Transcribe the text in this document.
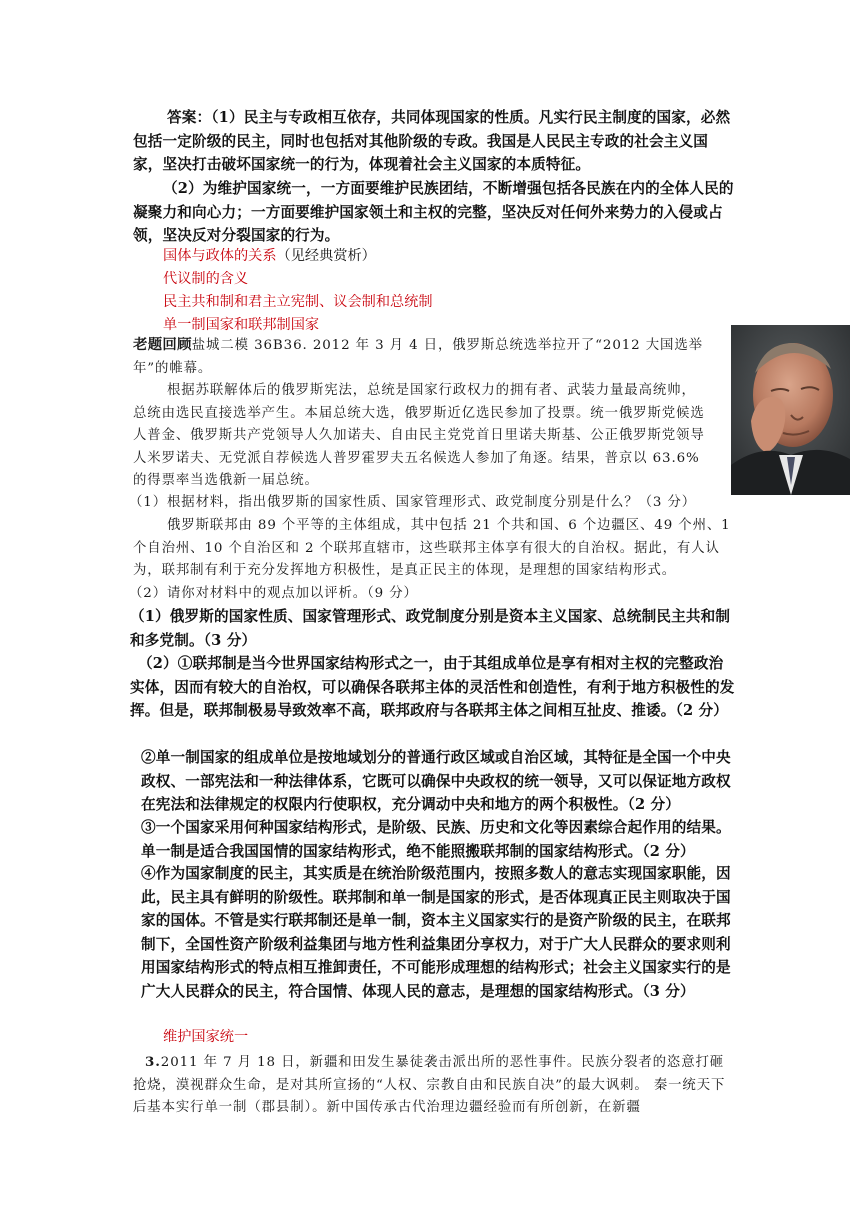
答案：（1）民主与专政相互依存，共同体现国家的性质。凡实行民主制度的国家，必然包括一定阶级的民主，同时也包括对其他阶级的专政。我国是人民民主专政的社会主义国家，坚决打击破坏国家统一的行为，体现着社会主义国家的本质特征。

（2）为维护国家统一，一方面要维护民族团结，不断增强包括各民族在内的全体人民的凝聚力和向心力；一方面要维护国家领土和主权的完整，坚决反对任何外来势力的入侵或占领，坚决反对分裂国家的行为。

国体与政体的关系（见经典赏析）

代议制的含义

民主共和制和君主立宪制、议会制和总统制

单一制国家和联邦制国家

老题回顾盐城二模 36B36. 2012 年 3 月 4 日，俄罗斯总统选举拉开了“2012 大国选举年”的帷幕。

根据苏联解体后的俄罗斯宪法，总统是国家行政权力的拥有者、武装力量最高统帅，总统由选民直接选举产生。本届总统大选，俄罗斯近亿选民参加了投票。统一俄罗斯党候选人普金、俄罗斯共产党领导人久加诺夫、自由民主党党首日里诺夫斯基、公正俄罗斯党领导人米罗诺夫、无党派自荐候选人普罗霍罗夫五名候选人参加了角逐。结果，普京以 63.6%的得票率当选俄新一届总统。

（1）根据材料，指出俄罗斯的国家性质、国家管理形式、政党制度分别是什么？（3 分）

俄罗斯联邦由 89 个平等的主体组成，其中包括 21 个共和国、6 个边疆区、49 个州、1 个自治州、10 个自治区和 2 个联邦直辖市，这些联邦主体享有很大的自治权。据此，有人认为，联邦制有利于充分发挥地方积极性，是真正民主的体现，是理想的国家结构形式。

（2）请你对材料中的观点加以评析。（9 分）

（1）俄罗斯的国家性质、国家管理形式、政党制度分别是资本主义国家、总统制民主共和制和多党制。（3 分）

（2）①联邦制是当今世界国家结构形式之一，由于其组成单位是享有相对主权的完整政治实体，因而有较大的自治权，可以确保各联邦主体的灵活性和创造性，有利于地方积极性的发挥。但是，联邦制极易导致效率不高，联邦政府与各联邦主体之间相互扯皮、推诿。（2 分）

②单一制国家的组成单位是按地域划分的普通行政区域或自治区域，其特征是全国一个中央政权、一部宪法和一种法律体系，它既可以确保中央政权的统一领导，又可以保证地方政权在宪法和法律规定的权限内行使职权，充分调动中央和地方的两个积极性。（2 分）

③一个国家采用何种国家结构形式，是阶级、民族、历史和文化等因素综合起作用的结果。单一制是适合我国国情的国家结构形式，绝不能照搬联邦制的国家结构形式。（2 分）

④作为国家制度的民主，其实质是在统治阶级范围内，按照多数人的意志实现国家职能，因此，民主具有鲜明的阶级性。联邦制和单一制是国家的形式，是否体现真正民主则取决于国家的国体。不管是实行联邦制还是单一制，资本主义国家实行的是资产阶级的民主，在联邦制下，全国性资产阶级利益集团与地方性利益集团分享权力，对于广大人民群众的要求则利用国家结构形式的特点相互推卸责任，不可能形成理想的结构形式；社会主义国家实行的是广大人民群众的民主，符合国情、体现人民的意志，是理想的国家结构形式。（3 分）

维护国家统一

3.2011 年 7 月 18 日，新疆和田发生暴徒袭击派出所的恶性事件。民族分裂者的恣意打砸抢烧，漠视群众生命，是对其所宣扬的“人权、宗教自由和民族自决”的最大讽刺。 秦一统天下后基本实行单一制（郡县制）。新中国传承古代治理边疆经验而有所创新，在新疆
